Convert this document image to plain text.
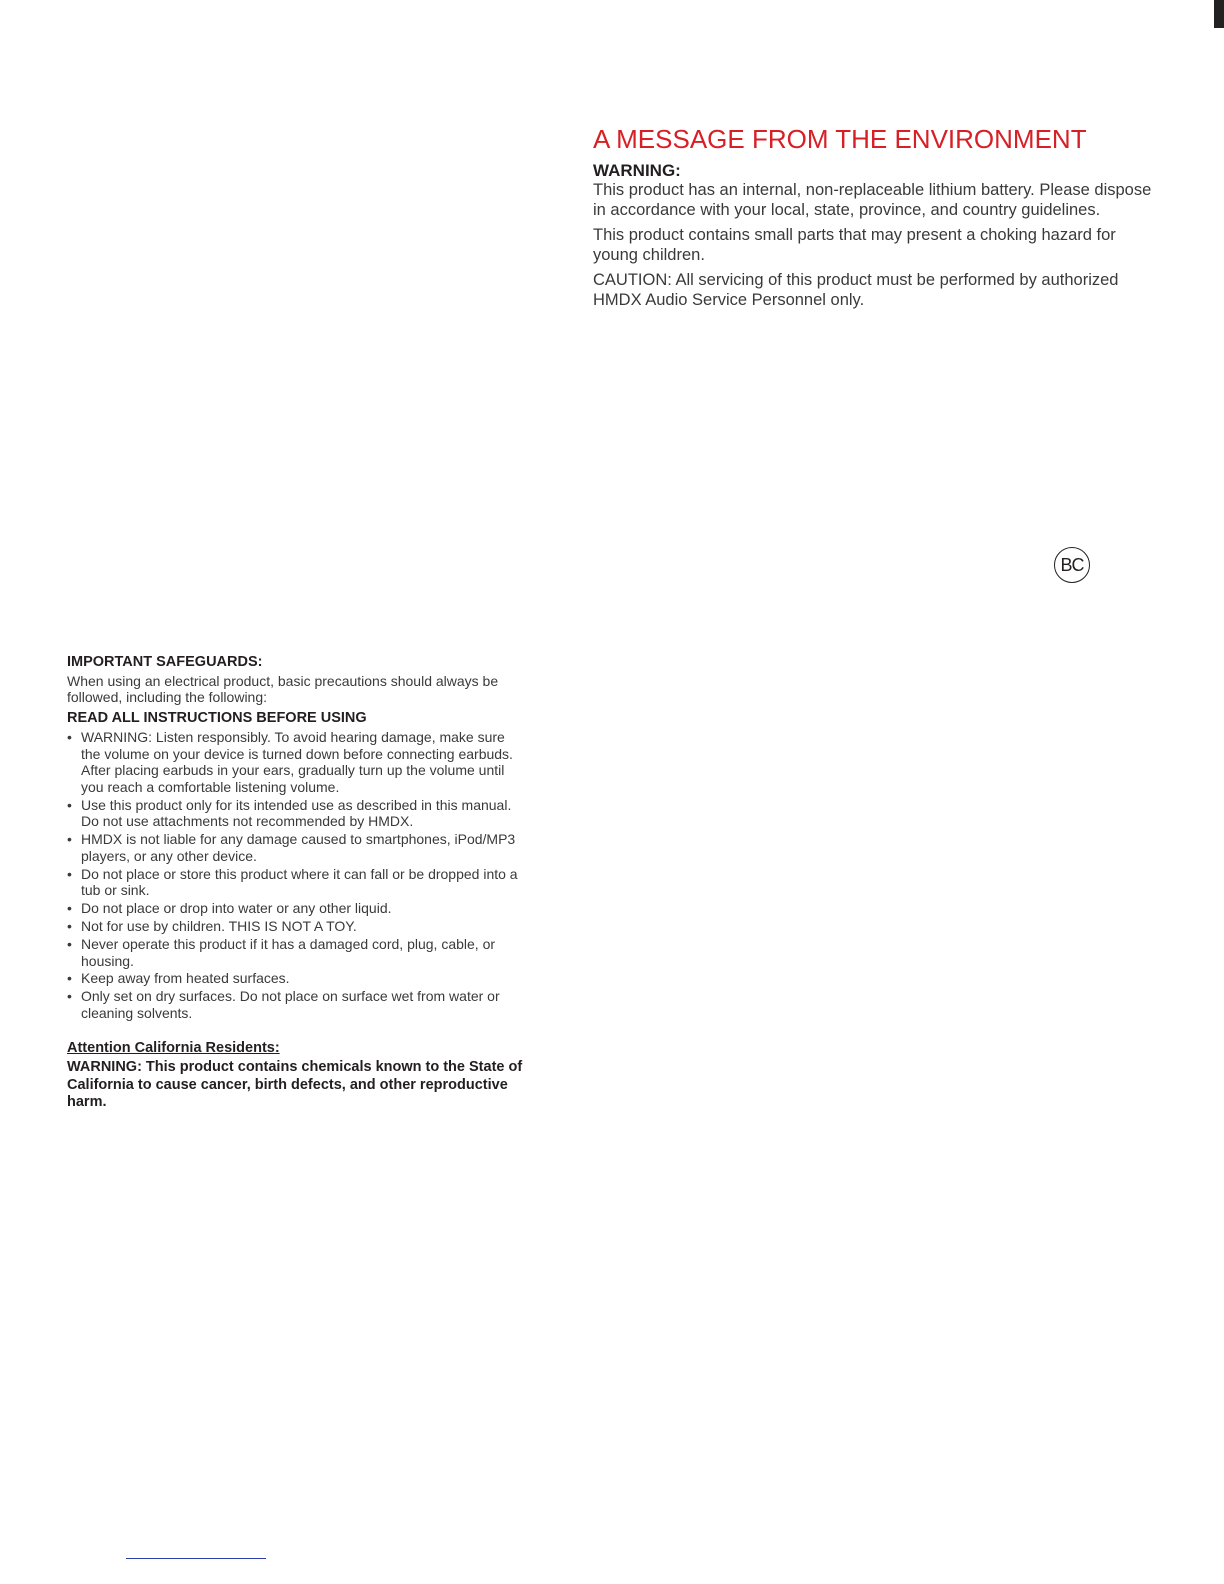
A MESSAGE FROM THE ENVIRONMENT
WARNING:

This product has an internal, non-replaceable lithium battery. Please dispose in accordance with your local, state, province, and country guidelines.

This product contains small parts that may present a choking hazard for young children.

CAUTION: All servicing of this product must be performed by authorized HMDX Audio Service Personnel only.

BC
IMPORTANT SAFEGUARDS:

When using an electrical product, basic precautions should always be followed, including the following:

READ ALL INSTRUCTIONS BEFORE USING
• WARNING: Listen responsibly. To avoid hearing damage, make sure the volume on your device is turned down before connecting earbuds. After placing earbuds in your ears, gradually turn up the volume until you reach a comfortable listening volume.
• Use this product only for its intended use as described in this manual. Do not use attachments not recommended by HMDX.
• HMDX is not liable for any damage caused to smartphones, iPod/MP3 players, or any other device.
• Do not place or store this product where it can fall or be dropped into a tub or sink.
• Do not place or drop into water or any other liquid.
• Not for use by children. THIS IS NOT A TOY.
• Never operate this product if it has a damaged cord, plug, cable, or housing.
• Keep away from heated surfaces.
• Only set on dry surfaces. Do not place on surface wet from water or cleaning solvents.
Attention California Residents:

WARNING: This product contains chemicals known to the State of California to cause cancer, birth defects, and other reproductive harm.
